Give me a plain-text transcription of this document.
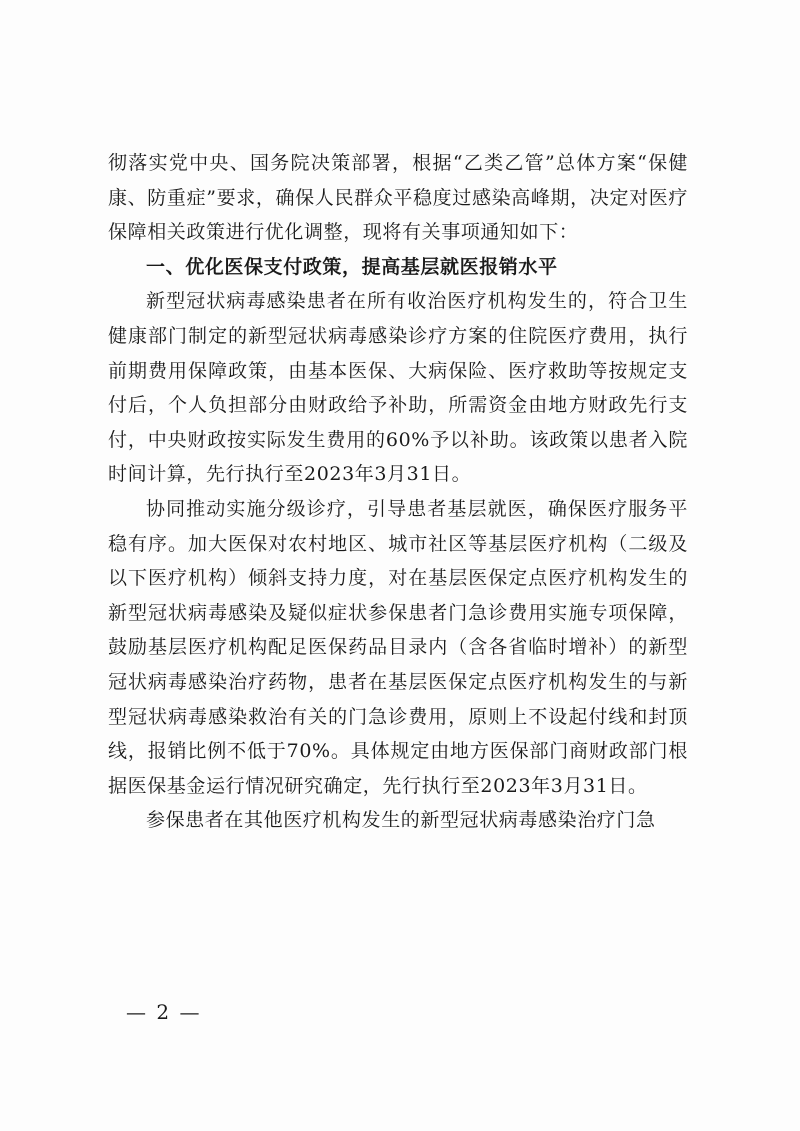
彻落实党中央、国务院决策部署，根据“乙类乙管”总体方案“保健康、防重症”要求，确保人民群众平稳度过感染高峰期，决定对医疗保障相关政策进行优化调整，现将有关事项通知如下：

一、优化医保支付政策，提高基层就医报销水平

新型冠状病毒感染患者在所有收治医疗机构发生的，符合卫生健康部门制定的新型冠状病毒感染诊疗方案的住院医疗费用，执行前期费用保障政策，由基本医保、大病保险、医疗救助等按规定支付后，个人负担部分由财政给予补助，所需资金由地方财政先行支付，中央财政按实际发生费用的60%予以补助。该政策以患者入院时间计算，先行执行至2023年3月31日。

协同推动实施分级诊疗，引导患者基层就医，确保医疗服务平稳有序。加大医保对农村地区、城市社区等基层医疗机构（二级及以下医疗机构）倾斜支持力度，对在基层医保定点医疗机构发生的新型冠状病毒感染及疑似症状参保患者门急诊费用实施专项保障，鼓励基层医疗机构配足医保药品目录内（含各省临时增补）的新型冠状病毒感染治疗药物，患者在基层医保定点医疗机构发生的与新型冠状病毒感染救治有关的门急诊费用，原则上不设起付线和封顶线，报销比例不低于70%。具体规定由地方医保部门商财政部门根据医保基金运行情况研究确定，先行执行至2023年3月31日。

参保患者在其他医疗机构发生的新型冠状病毒感染治疗门急

— 2 —
